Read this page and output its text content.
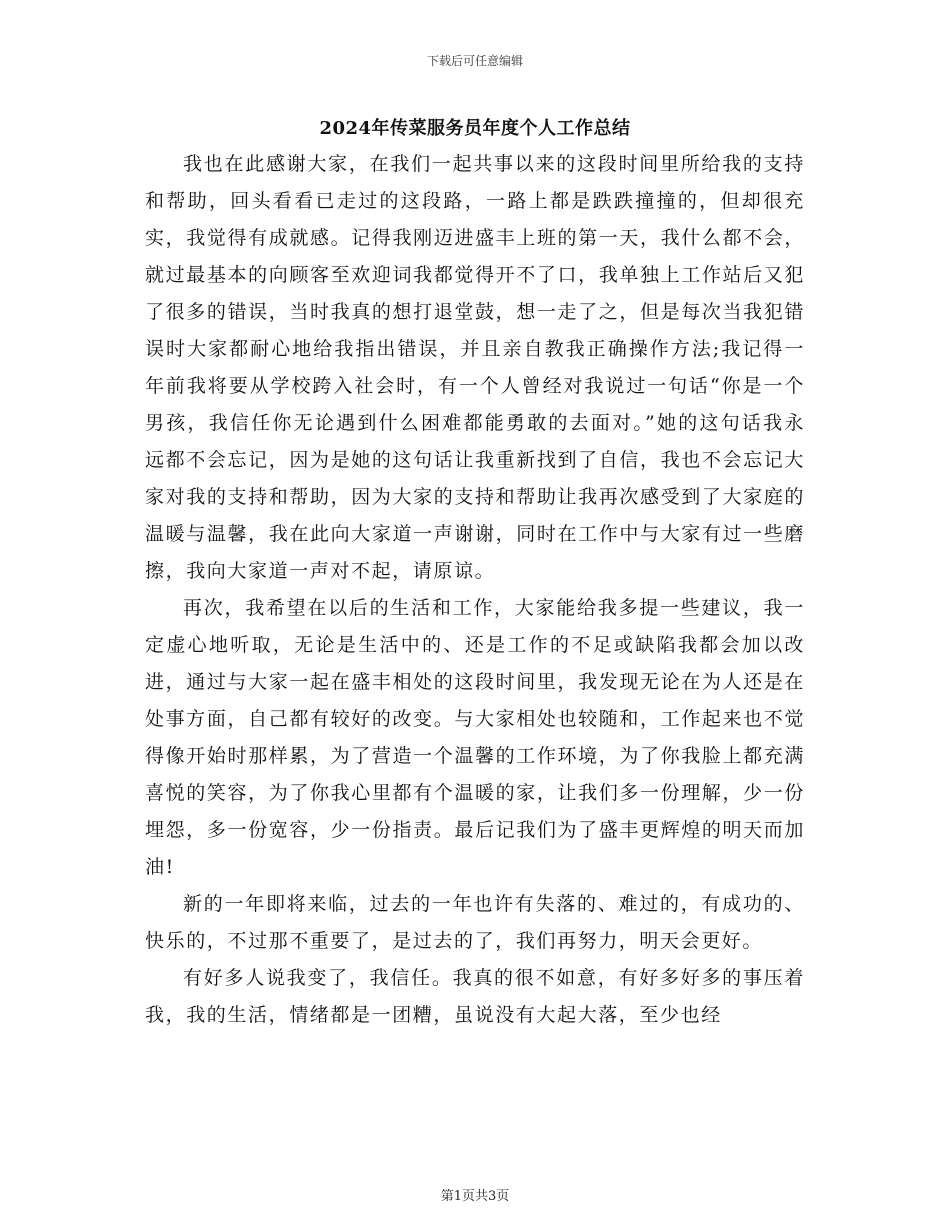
下载后可任意编辑
2024年传菜服务员年度个人工作总结

我也在此感谢大家，在我们一起共事以来的这段时间里所给我的支持和帮助，回头看看已走过的这段路，一路上都是跌跌撞撞的，但却很充实，我觉得有成就感。记得我刚迈进盛丰上班的第一天，我什么都不会，就过最基本的向顾客至欢迎词我都觉得开不了口，我单独上工作站后又犯了很多的错误，当时我真的想打退堂鼓，想一走了之，但是每次当我犯错误时大家都耐心地给我指出错误，并且亲自教我正确操作方法;我记得一年前我将要从学校跨入社会时，有一个人曾经对我说过一句话“你是一个男孩，我信任你无论遇到什么困难都能勇敢的去面对。”她的这句话我永远都不会忘记，因为是她的这句话让我重新找到了自信，我也不会忘记大家对我的支持和帮助，因为大家的支持和帮助让我再次感受到了大家庭的温暖与温馨，我在此向大家道一声谢谢，同时在工作中与大家有过一些磨擦，我向大家道一声对不起，请原谅。

再次，我希望在以后的生活和工作，大家能给我多提一些建议，我一定虚心地听取，无论是生活中的、还是工作的不足或缺陷我都会加以改进，通过与大家一起在盛丰相处的这段时间里，我发现无论在为人还是在处事方面，自己都有较好的改变。与大家相处也较随和，工作起来也不觉得像开始时那样累，为了营造一个温馨的工作环境，为了你我脸上都充满喜悦的笑容，为了你我心里都有个温暖的家，让我们多一份理解，少一份埋怨，多一份宽容，少一份指责。最后记我们为了盛丰更辉煌的明天而加油!

新的一年即将来临，过去的一年也许有失落的、难过的，有成功的、快乐的，不过那不重要了，是过去的了，我们再努力，明天会更好。

有好多人说我变了，我信任。我真的很不如意，有好多好多的事压着我，我的生活，情绪都是一团糟，虽说没有大起大落，至少也经

第1页共3页
